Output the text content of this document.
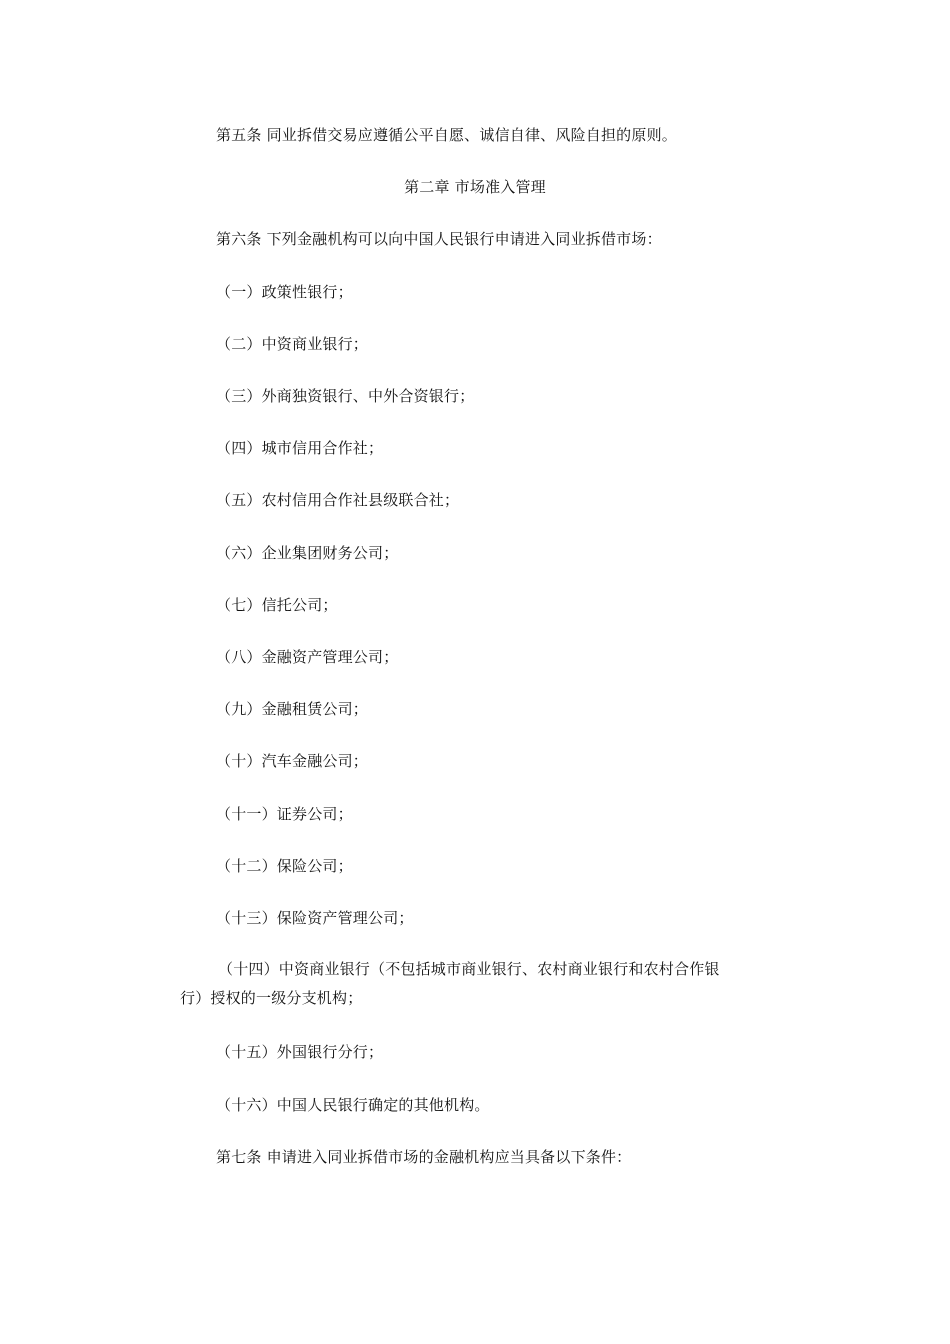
第五条 同业拆借交易应遵循公平自愿、诚信自律、风险自担的原则。
第二章 市场准入管理
第六条 下列金融机构可以向中国人民银行申请进入同业拆借市场：
（一）政策性银行；
（二）中资商业银行；
（三）外商独资银行、中外合资银行；
（四）城市信用合作社；
（五）农村信用合作社县级联合社；
（六）企业集团财务公司；
（七）信托公司；
（八）金融资产管理公司；
（九）金融租赁公司；
（十）汽车金融公司；
（十一）证券公司；
（十二）保险公司；
（十三）保险资产管理公司；
（十四）中资商业银行（不包括城市商业银行、农村商业银行和农村合作银
行）授权的一级分支机构；
（十五）外国银行分行；
（十六）中国人民银行确定的其他机构。
第七条 申请进入同业拆借市场的金融机构应当具备以下条件：
